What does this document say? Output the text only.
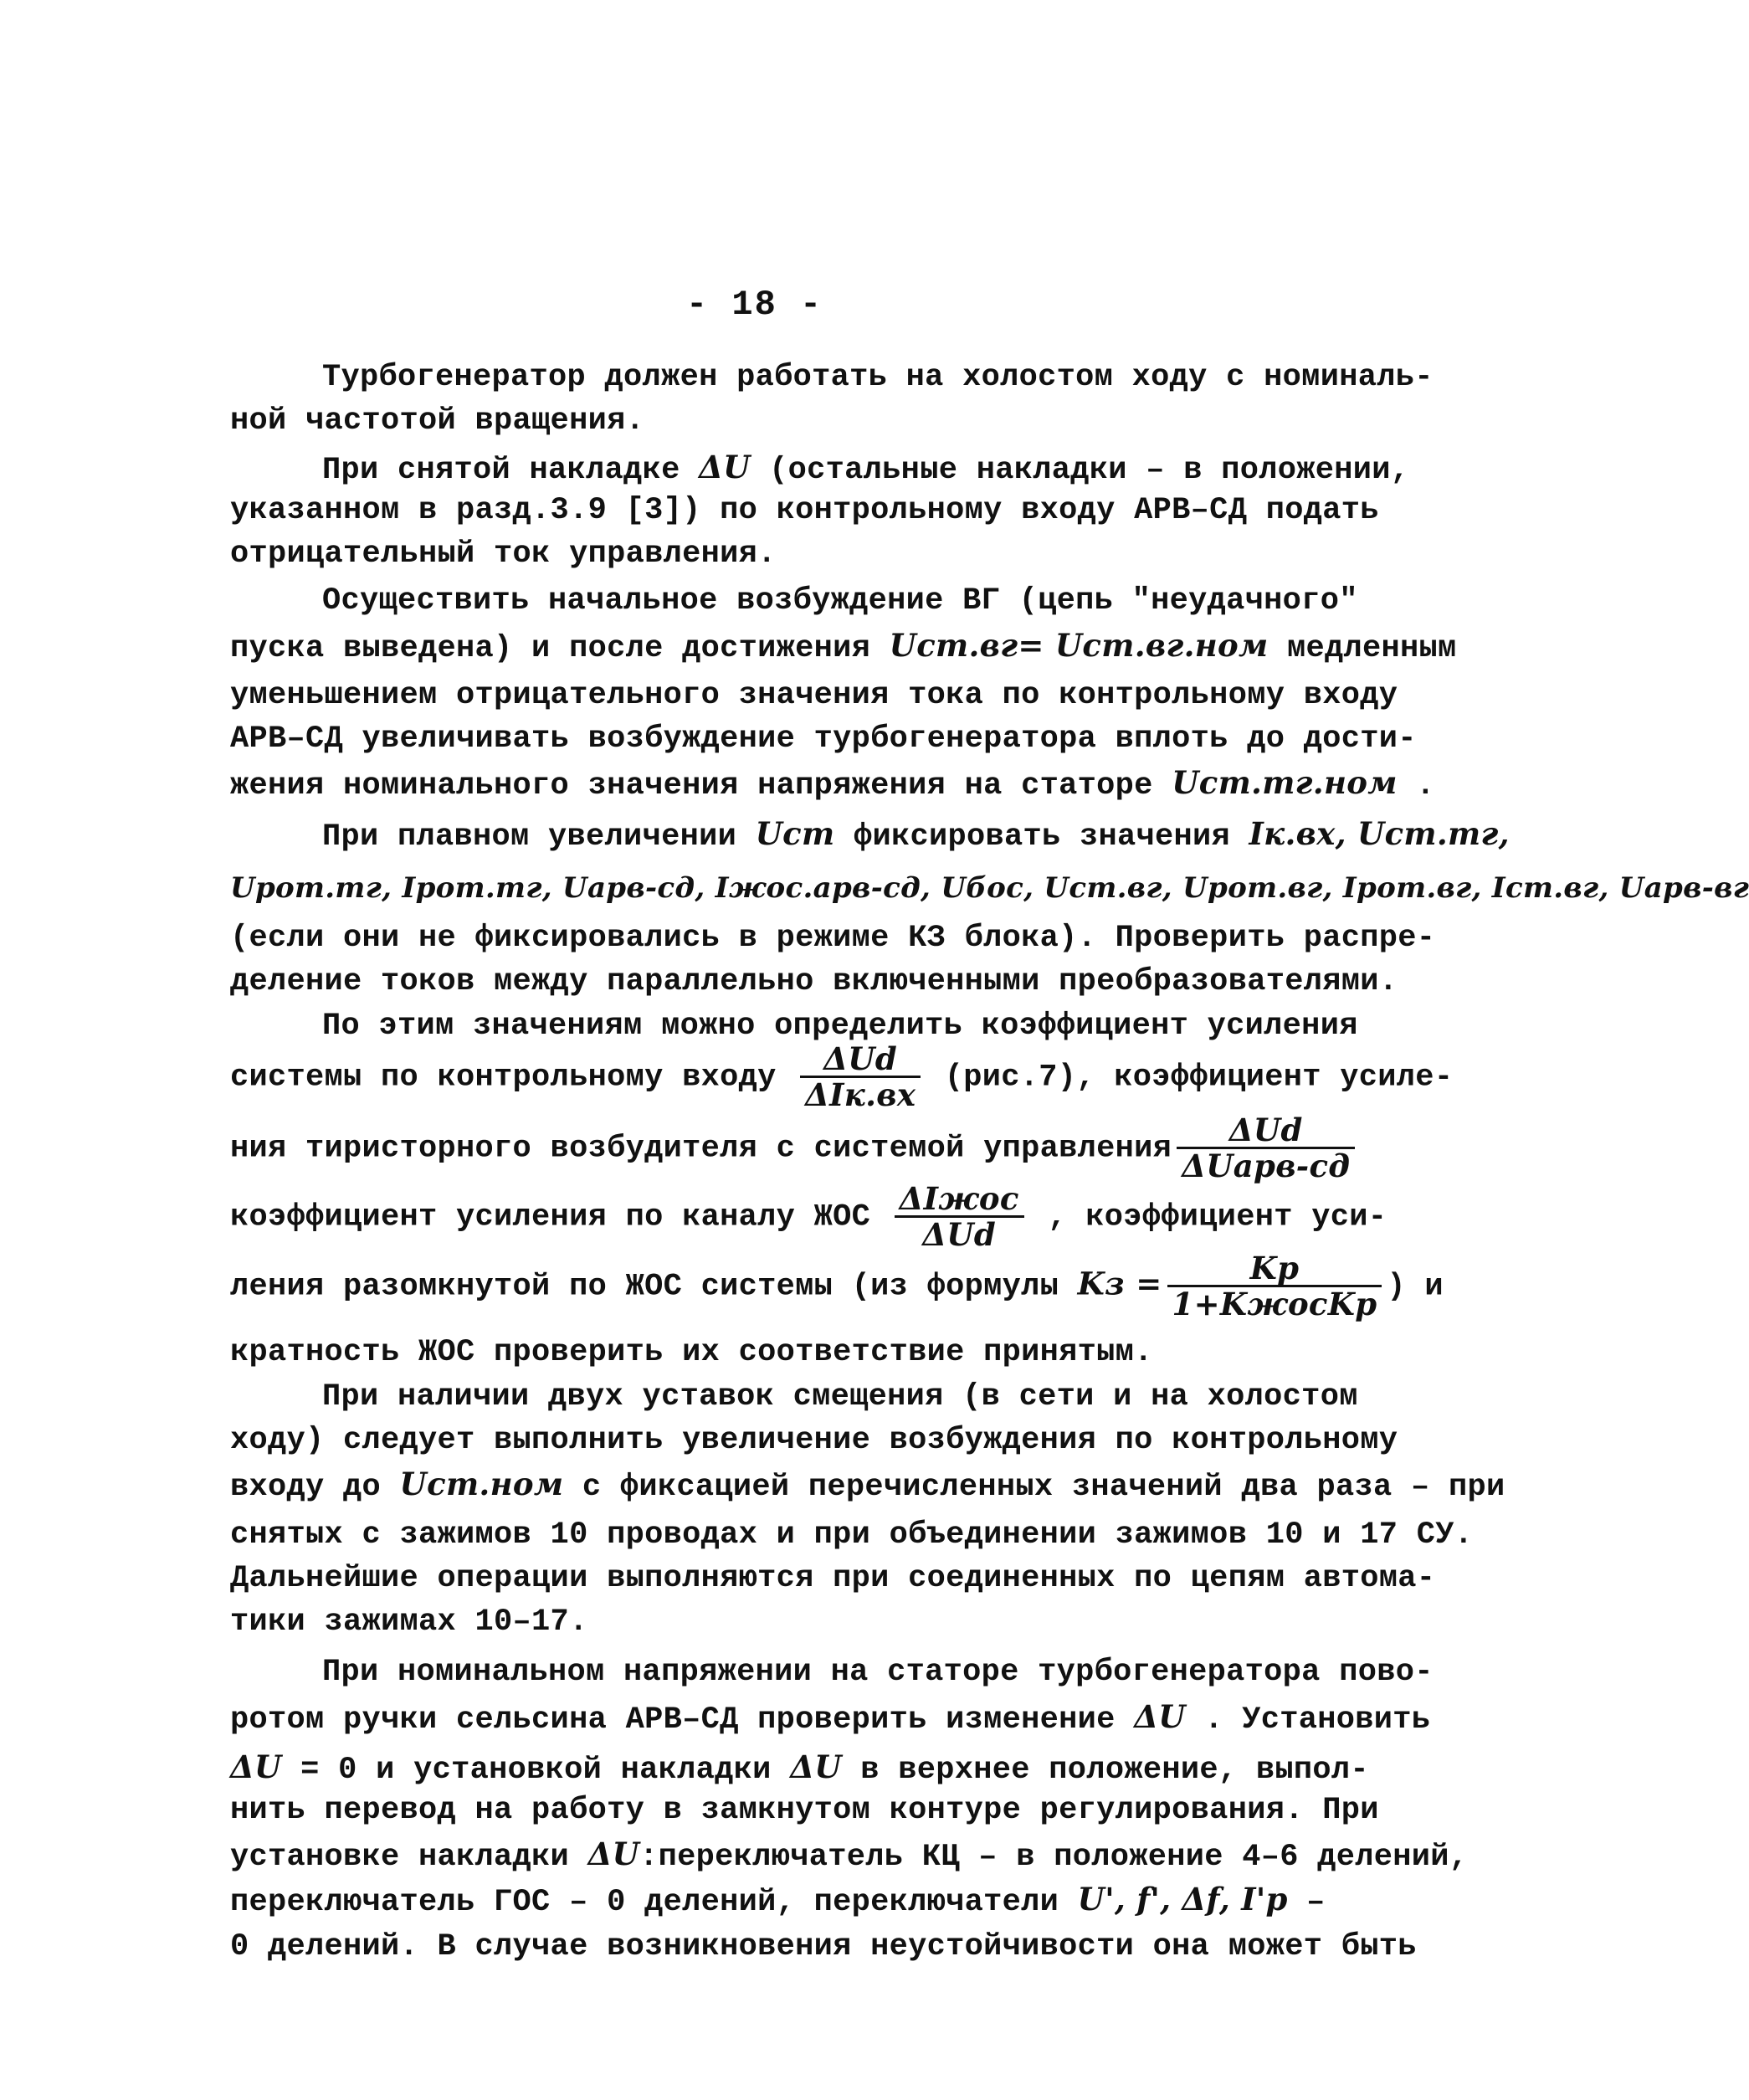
- 18 -
Турбогенератор должен работать на холостом ходу с номиналь-
ной частотой вращения.
При снятой накладке ΔU (остальные накладки – в положении,
указанном в разд.3.9 [3]) по контрольному входу АРВ–СД подать
отрицательный ток управления.
Осуществить начальное возбуждение ВГ (цепь "неудачного"
пуска выведена) и после достижения Uст.вг= Uст.вг.ном медленным
уменьшением отрицательного значения тока по контрольному входу
АРВ–СД увеличивать возбуждение турбогенератора вплоть до дости-
жения номинального значения напряжения на статоре Uст.тг.ном .
При плавном увеличении Uст фиксировать значения Iк.вх, Uст.тг,
Uрот.тг, Iрот.тг, Uарв-сд, Iжос.арв-сд, Uбос, Uст.вг, Uрот.вг, Iрот.вг, Iст.вг, Uарв-вг
(если они не фиксировались в режиме КЗ блока). Проверить распре-
деление токов между параллельно включенными преобразователями.
По этим значениям можно определить коэффициент усиления
системы по контрольному входу $\frac{\text{ΔUd}}{\text{ΔIк.вх}} (рис.7)$, коэффициент усиле-
ния тиристорного возбудителя с системой управления $\frac{\text{ΔUd}}{\text{ΔUарв-сд}}$
коэффициент усиления по каналу ЖОС $\frac{\text{ΔIжос}}{\text{ΔUd}}$ , коэффициент уси-
ления разомкнутой по ЖОС системы (из формулы Kз = $\frac{Kр}{\text{1+KжосKр}}$ ) и
кратность ЖОС проверить их соответствие принятым.
При наличии двух уставок смещения (в сети и на холостом
ходу) следует выполнить увеличение возбуждения по контрольному
входу до Uст.ном с фиксацией перечисленных значений два раза – при
снятых с зажимов 10 проводах и при объединении зажимов 10 и 17 СУ.
Дальнейшие операции выполняются при соединенных по цепям автома-
тики зажимах 10–17.
При номинальном напряжении на статоре турбогенератора пово-
ротом ручки сельсина АРВ–СД проверить изменение ΔU . Установить
ΔU = 0 и установкой накладки ΔU в верхнее положение, выпол-
нить перевод на работу в замкнутом контуре регулирования. При
установке накладки ΔU:переключатель КЦ – в положение 4–6 делений,
переключатель ГОС – 0 делений, переключатели U', f', Δf, I'р –
0 делений. В случае возникновения неустойчивости она может быть
